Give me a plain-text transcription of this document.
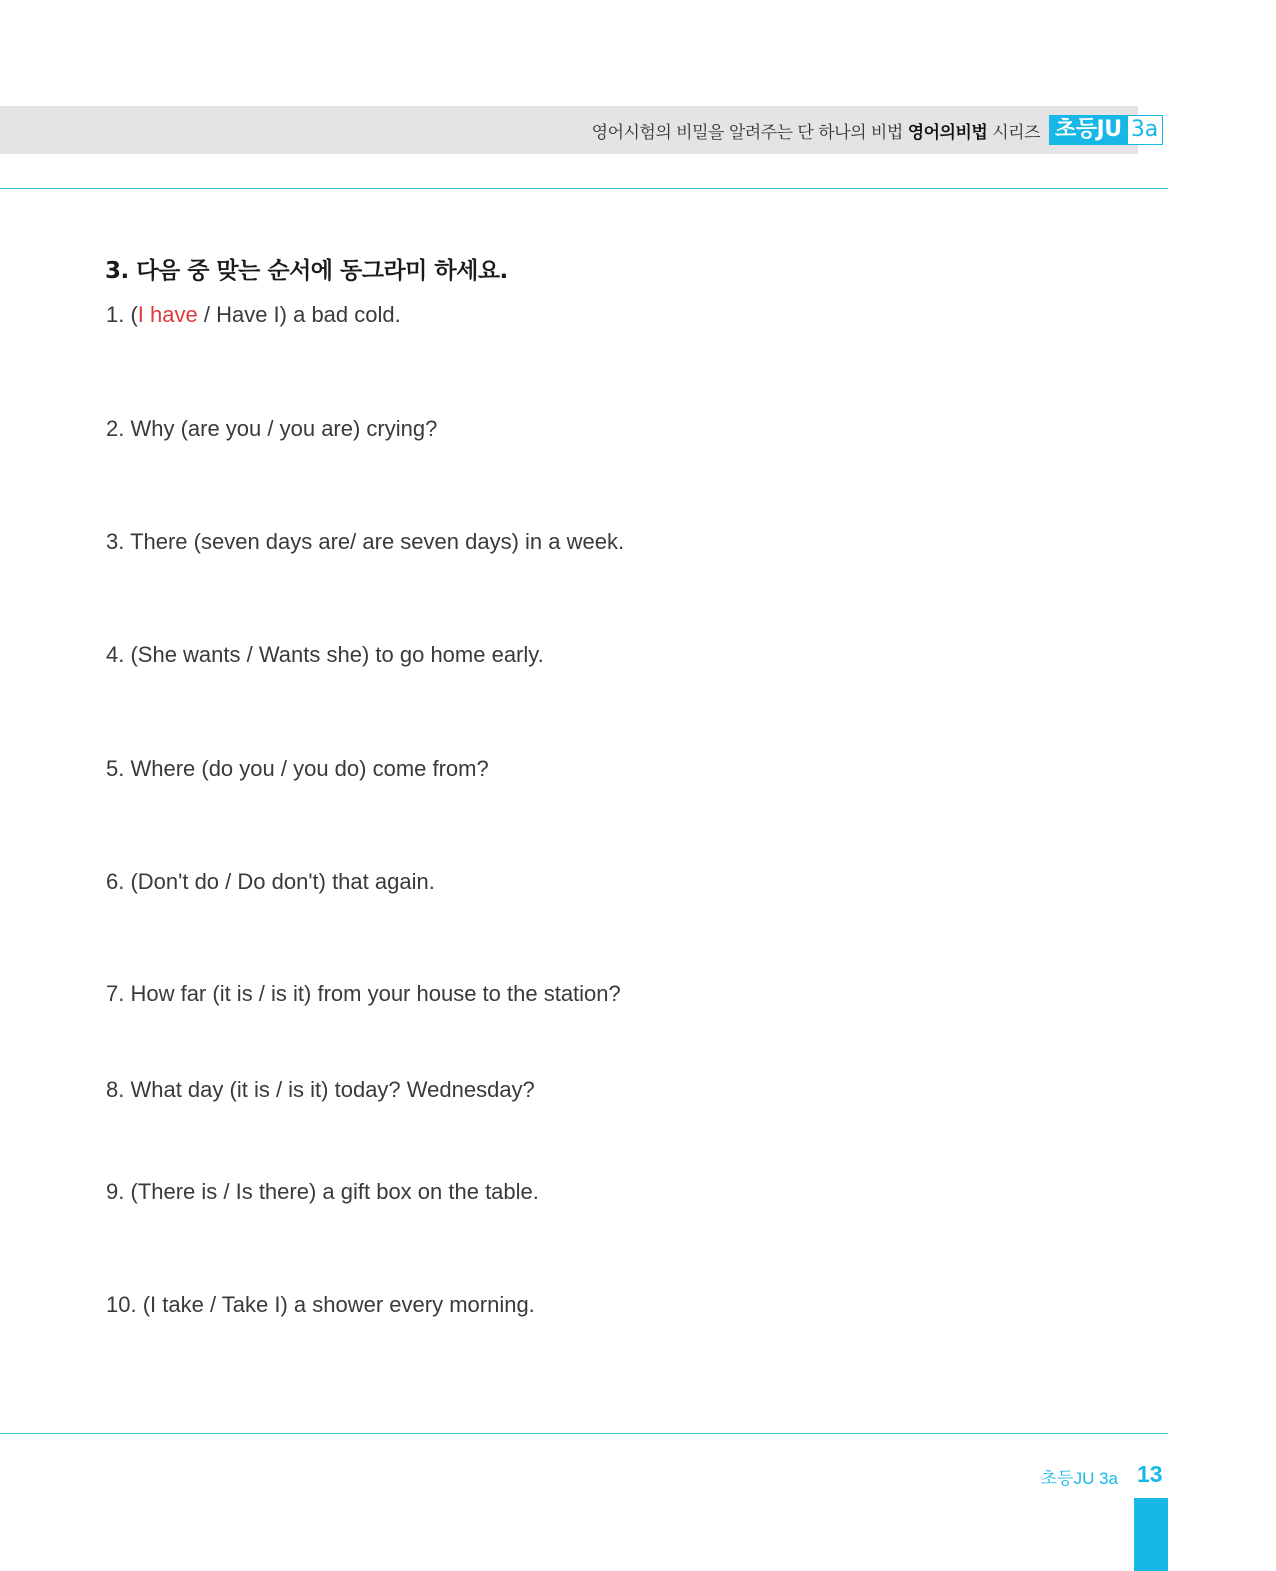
영어시험의 비밀을 알려주는 단 하나의 비법 영어의비법 시리즈 초등JU 3a
3. 다음 중 맞는 순서에 동그라미 하세요.
1. (I have / Have I) a bad cold.
2. Why (are you / you are) crying?
3. There (seven days are/ are seven days) in a week.
4. (She wants / Wants she) to go home early.
5. Where (do you / you do) come from?
6. (Don't do / Do don't) that again.
7. How far (it is / is it) from your house to the station?
8. What day (it is / is it) today? Wednesday?
9. (There is / Is there) a gift box on the table.
10. (I take / Take I) a shower every morning.
초등JU 3a 13
